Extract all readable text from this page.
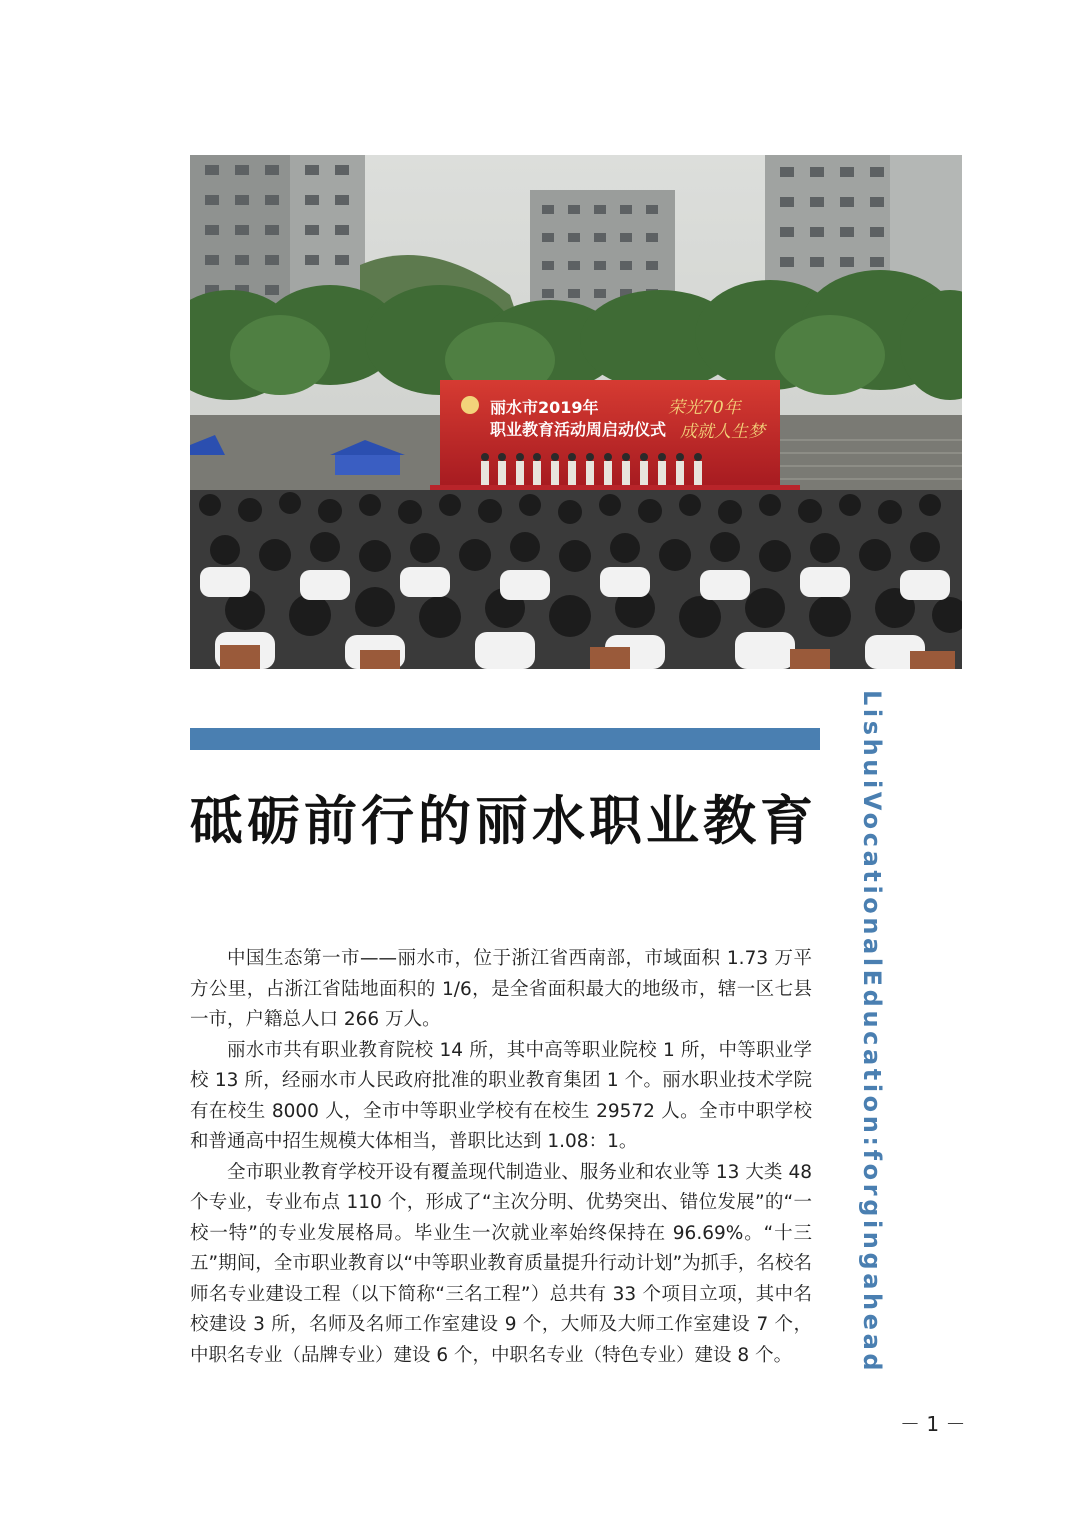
丽水市2019年
职业教育活动周启动仪式
荣光70年
成就人生梦
砥砺前行的丽水职业教育

中国生态第一市——丽水市，位于浙江省西南部，市域面积 1.73 万平方公里，占浙江省陆地面积的 1/6，是全省面积最大的地级市，辖一区七县一市，户籍总人口 266 万人。

丽水市共有职业教育院校 14 所，其中高等职业院校 1 所，中等职业学校 13 所，经丽水市人民政府批准的职业教育集团 1 个。丽水职业技术学院有在校生 8000 人，全市中等职业学校有在校生 29572 人。全市中职学校和普通高中招生规模大体相当，普职比达到 1.08：1。

全市职业教育学校开设有覆盖现代制造业、服务业和农业等 13 大类 48 个专业，专业布点 110 个，形成了“主次分明、优势突出、错位发展”的“一校一特”的专业发展格局。毕业生一次就业率始终保持在 96.69%。“十三五”期间，全市职业教育以“中等职业教育质量提升行动计划”为抓手，名校名师名专业建设工程（以下简称“三名工程”）总共有 33 个项目立项，其中名校建设 3 所，名师及名师工作室建设 9 个，大师及大师工作室建设 7 个，中职名专业（品牌专业）建设 6 个，中职名专业（特色专业）建设 8 个。	LishuiVocationalEducation:forgingahead
－ 1 －
